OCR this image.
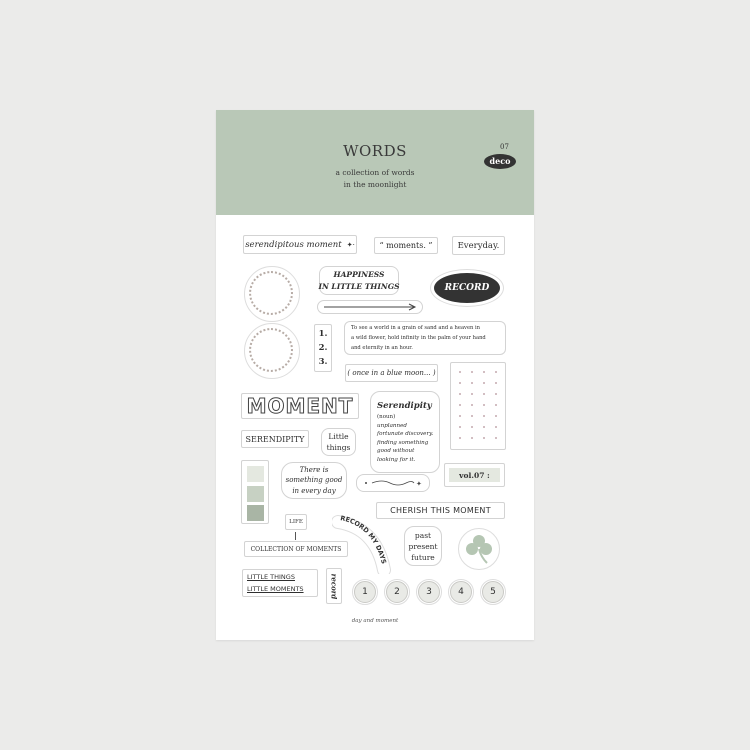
WORDS
a collection of words
in the moonlight
07
deco
serendipitous moment ✦·	“ moments. ”	Everyday.
HAPPINESS
IN LITTLE THINGS	RECORD
1.
2.
3.
To see a world in a grain of sand and a heaven in
a wild flower, hold infinity in the palm of your hand
and eternity in an hour.
( once in a blue moon... )
MOMENT	Serendipity
(noun)
unplanned
fortunate discovery.
finding something
good without
looking for it.
SERENDIPITY	Little
things
There is
something good
in every day
vol.07 :
✦
CHERISH THIS MOMENT
LIFE
COLLECTION OF MOMENTS
RECORD MY DAYS
past
present
future
LITTLE THINGS
LITTLE MOMENTS	record	1	2	3	4	5
day and moment
